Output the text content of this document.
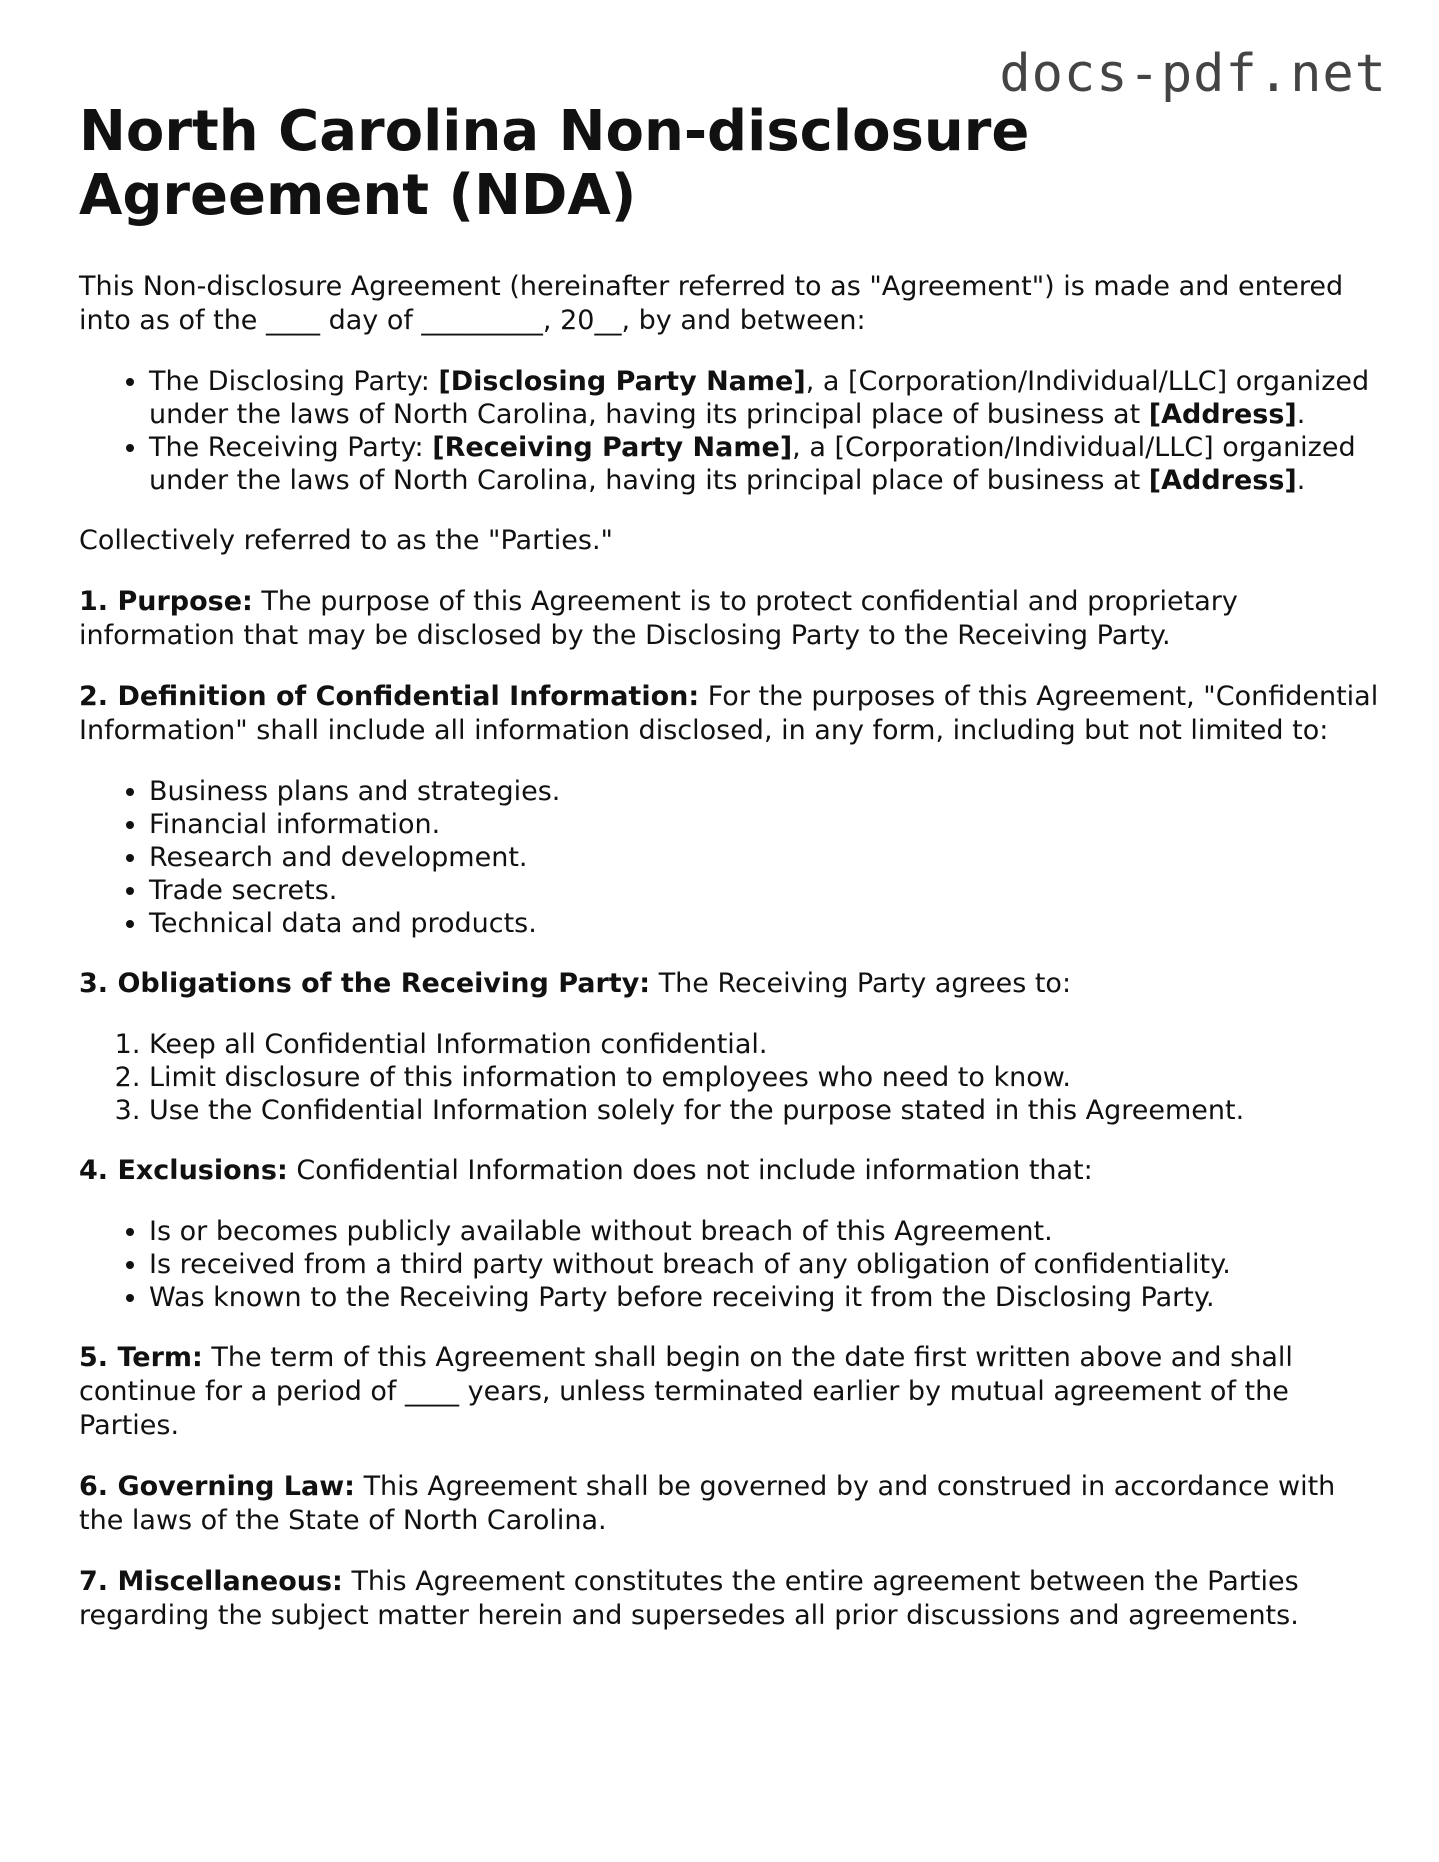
docs-pdf.net
North Carolina Non-disclosure Agreement (NDA)

This Non-disclosure Agreement (hereinafter referred to as "Agreement") is made and entered into as of the ____ day of _________, 20__, by and between:

• The Disclosing Party: [Disclosing Party Name], a [Corporation/Individual/LLC] organized under the laws of North Carolina, having its principal place of business at [Address].
• The Receiving Party: [Receiving Party Name], a [Corporation/Individual/LLC] organized under the laws of North Carolina, having its principal place of business at [Address].

Collectively referred to as the "Parties."

1. Purpose: The purpose of this Agreement is to protect confidential and proprietary information that may be disclosed by the Disclosing Party to the Receiving Party.

2. Definition of Confidential Information: For the purposes of this Agreement, "Confidential Information" shall include all information disclosed, in any form, including but not limited to:

• Business plans and strategies.
• Financial information.
• Research and development.
• Trade secrets.
• Technical data and products.

3. Obligations of the Receiving Party: The Receiving Party agrees to:

1. Keep all Confidential Information confidential.
2. Limit disclosure of this information to employees who need to know.
3. Use the Confidential Information solely for the purpose stated in this Agreement.

4. Exclusions: Confidential Information does not include information that:

• Is or becomes publicly available without breach of this Agreement.
• Is received from a third party without breach of any obligation of confidentiality.
• Was known to the Receiving Party before receiving it from the Disclosing Party.

5. Term: The term of this Agreement shall begin on the date first written above and shall continue for a period of ____ years, unless terminated earlier by mutual agreement of the Parties.

6. Governing Law: This Agreement shall be governed by and construed in accordance with the laws of the State of North Carolina.

7. Miscellaneous: This Agreement constitutes the entire agreement between the Parties regarding the subject matter herein and supersedes all prior discussions and agreements.
